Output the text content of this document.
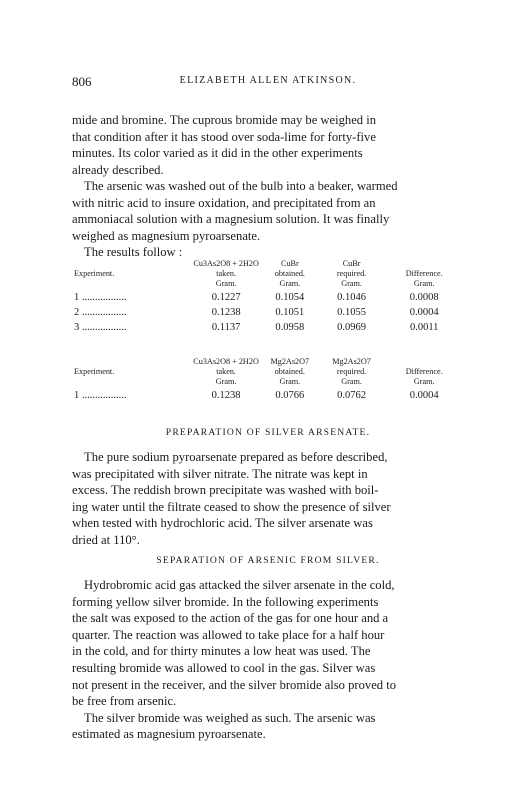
806	ELIZABETH ALLEN ATKINSON.

mide and bromine. The cuprous bromide may be weighed in

that condition after it has stood over soda-lime for forty-five

minutes. Its color varied as it did in the other experiments

already described.

The arsenic was washed out of the bulb into a beaker, warmed

with nitric acid to insure oxidation, and precipitated from an

ammoniacal solution with a magnesium solution. It was finally

weighed as magnesium pyroarsenate.

The results follow :

	Cu3As2O8 + 2H2O	CuBr	CuBr	
Experiment.	taken.	obtained.	required.	Difference.
	Gram.	Gram.	Gram.	Gram.
1 .................	0.1227	0.1054	0.1046	0.0008
2 .................	0.1238	0.1051	0.1055	0.0004
3 .................	0.1137	0.0958	0.0969	0.0011
	Cu3As2O8 + 2H2O	Mg2As2O7	Mg2As2O7	
Experiment.	taken.	obtained.	required.	Difference.
	Gram.	Gram.	Gram.	Gram.
1 .................	0.1238	0.0766	0.0762	0.0004
PREPARATION OF SILVER ARSENATE.

The pure sodium pyroarsenate prepared as before described,

was precipitated with silver nitrate. The nitrate was kept in

excess. The reddish brown precipitate was washed with boil-

ing water until the filtrate ceased to show the presence of silver

when tested with hydrochloric acid. The silver arsenate was

dried at 110°.

SEPARATION OF ARSENIC FROM SILVER.

Hydrobromic acid gas attacked the silver arsenate in the cold,

forming yellow silver bromide. In the following experiments

the salt was exposed to the action of the gas for one hour and a

quarter. The reaction was allowed to take place for a half hour

in the cold, and for thirty minutes a low heat was used. The

resulting bromide was allowed to cool in the gas. Silver was

not present in the receiver, and the silver bromide also proved to

be free from arsenic.

The silver bromide was weighed as such. The arsenic was

estimated as magnesium pyroarsenate.
